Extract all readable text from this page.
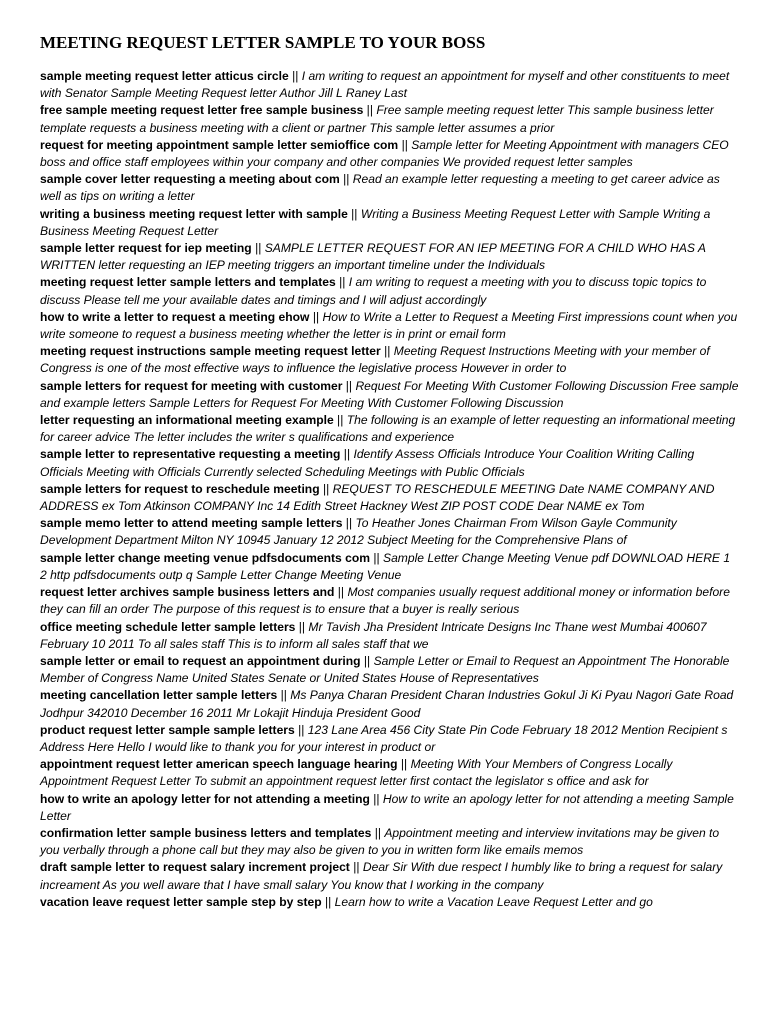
MEETING REQUEST LETTER SAMPLE TO YOUR BOSS

sample meeting request letter atticus circle || I am writing to request an appointment for myself and other constituents to meet with Senator Sample Meeting Request letter Author Jill L Raney Last

free sample meeting request letter free sample business || Free sample meeting request letter This sample business letter template requests a business meeting with a client or partner This sample letter assumes a prior

request for meeting appointment sample letter semioffice com || Sample letter for Meeting Appointment with managers CEO boss and office staff employees within your company and other companies We provided request letter samples

sample cover letter requesting a meeting about com || Read an example letter requesting a meeting to get career advice as well as tips on writing a letter

writing a business meeting request letter with sample || Writing a Business Meeting Request Letter with Sample Writing a Business Meeting Request Letter

sample letter request for iep meeting || SAMPLE LETTER REQUEST FOR AN IEP MEETING FOR A CHILD WHO HAS A WRITTEN letter requesting an IEP meeting triggers an important timeline under the Individuals

meeting request letter sample letters and templates || I am writing to request a meeting with you to discuss topic topics to discuss Please tell me your available dates and timings and I will adjust accordingly

how to write a letter to request a meeting ehow || How to Write a Letter to Request a Meeting First impressions count when you write someone to request a business meeting whether the letter is in print or email form

meeting request instructions sample meeting request letter || Meeting Request Instructions Meeting with your member of Congress is one of the most effective ways to influence the legislative process However in order to

sample letters for request for meeting with customer || Request For Meeting With Customer Following Discussion Free sample and example letters Sample Letters for Request For Meeting With Customer Following Discussion

letter requesting an informational meeting example || The following is an example of letter requesting an informational meeting for career advice The letter includes the writer s qualifications and experience

sample letter to representative requesting a meeting || Identify Assess Officials Introduce Your Coalition Writing Calling Officials Meeting with Officials Currently selected Scheduling Meetings with Public Officials

sample letters for request to reschedule meeting || REQUEST TO RESCHEDULE MEETING Date NAME COMPANY AND ADDRESS ex Tom Atkinson COMPANY Inc 14 Edith Street Hackney West ZIP POST CODE Dear NAME ex Tom

sample memo letter to attend meeting sample letters || To Heather Jones Chairman From Wilson Gayle Community Development Department Milton NY 10945 January 12 2012 Subject Meeting for the Comprehensive Plans of

sample letter change meeting venue pdfsdocuments com || Sample Letter Change Meeting Venue pdf DOWNLOAD HERE 1 2 http pdfsdocuments outp q Sample Letter Change Meeting Venue

request letter archives sample business letters and || Most companies usually request additional money or information before they can fill an order The purpose of this request is to ensure that a buyer is really serious

office meeting schedule letter sample letters || Mr Tavish Jha President Intricate Designs Inc Thane west Mumbai 400607 February 10 2011 To all sales staff This is to inform all sales staff that we

sample letter or email to request an appointment during || Sample Letter or Email to Request an Appointment The Honorable Member of Congress Name United States Senate or United States House of Representatives

meeting cancellation letter sample letters || Ms Panya Charan President Charan Industries Gokul Ji Ki Pyau Nagori Gate Road Jodhpur 342010 December 16 2011 Mr Lokajit Hinduja President Good

product request letter sample sample letters || 123 Lane Area 456 City State Pin Code February 18 2012 Mention Recipient s Address Here Hello I would like to thank you for your interest in product or

appointment request letter american speech language hearing || Meeting With Your Members of Congress Locally Appointment Request Letter To submit an appointment request letter first contact the legislator s office and ask for

how to write an apology letter for not attending a meeting || How to write an apology letter for not attending a meeting Sample Letter

confirmation letter sample business letters and templates || Appointment meeting and interview invitations may be given to you verbally through a phone call but they may also be given to you in written form like emails memos

draft sample letter to request salary increment project || Dear Sir With due respect I humbly like to bring a request for salary increament As you well aware that I have small salary You know that I working in the company

vacation leave request letter sample step by step || Learn how to write a Vacation Leave Request Letter and go
